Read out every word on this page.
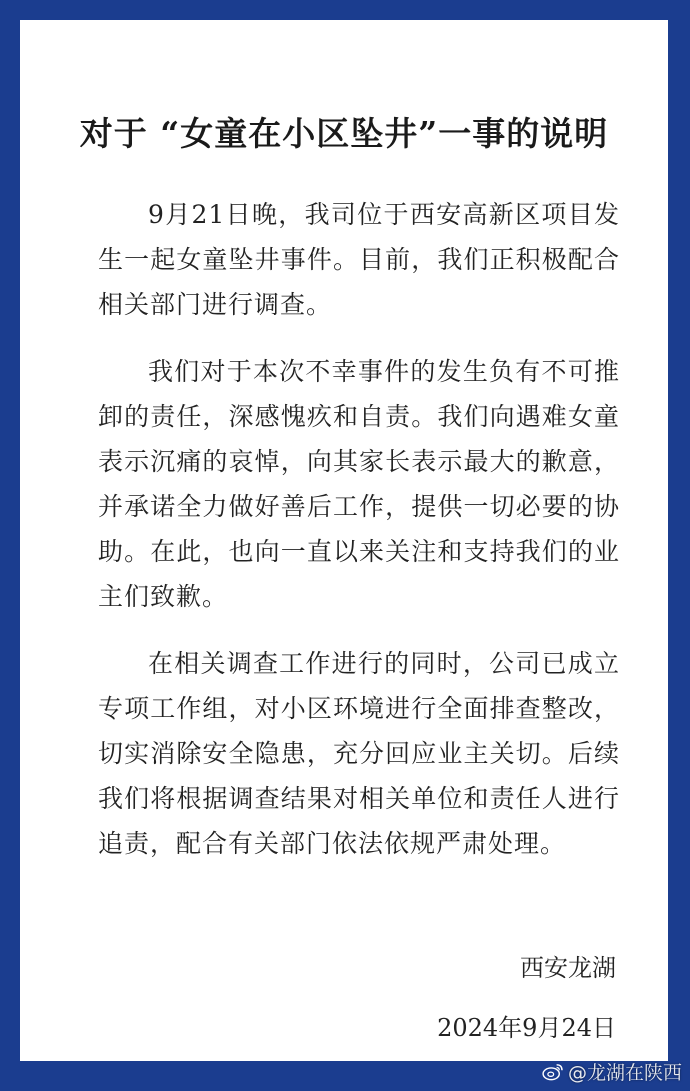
对于 “女童在小区坠井”一事的说明

9月21日晚，我司位于西安高新区项目发生一起女童坠井事件。目前，我们正积极配合相关部门进行调查。

我们对于本次不幸事件的发生负有不可推卸的责任，深感愧疚和自责。我们向遇难女童表示沉痛的哀悼，向其家长表示最大的歉意，并承诺全力做好善后工作，提供一切必要的协助。在此，也向一直以来关注和支持我们的业主们致歉。

在相关调查工作进行的同时，公司已成立专项工作组，对小区环境进行全面排查整改，切实消除安全隐患，充分回应业主关切。后续我们将根据调查结果对相关单位和责任人进行追责，配合有关部门依法依规严肃处理。

西安龙湖
2024年9月24日
@龙湖在陕西
